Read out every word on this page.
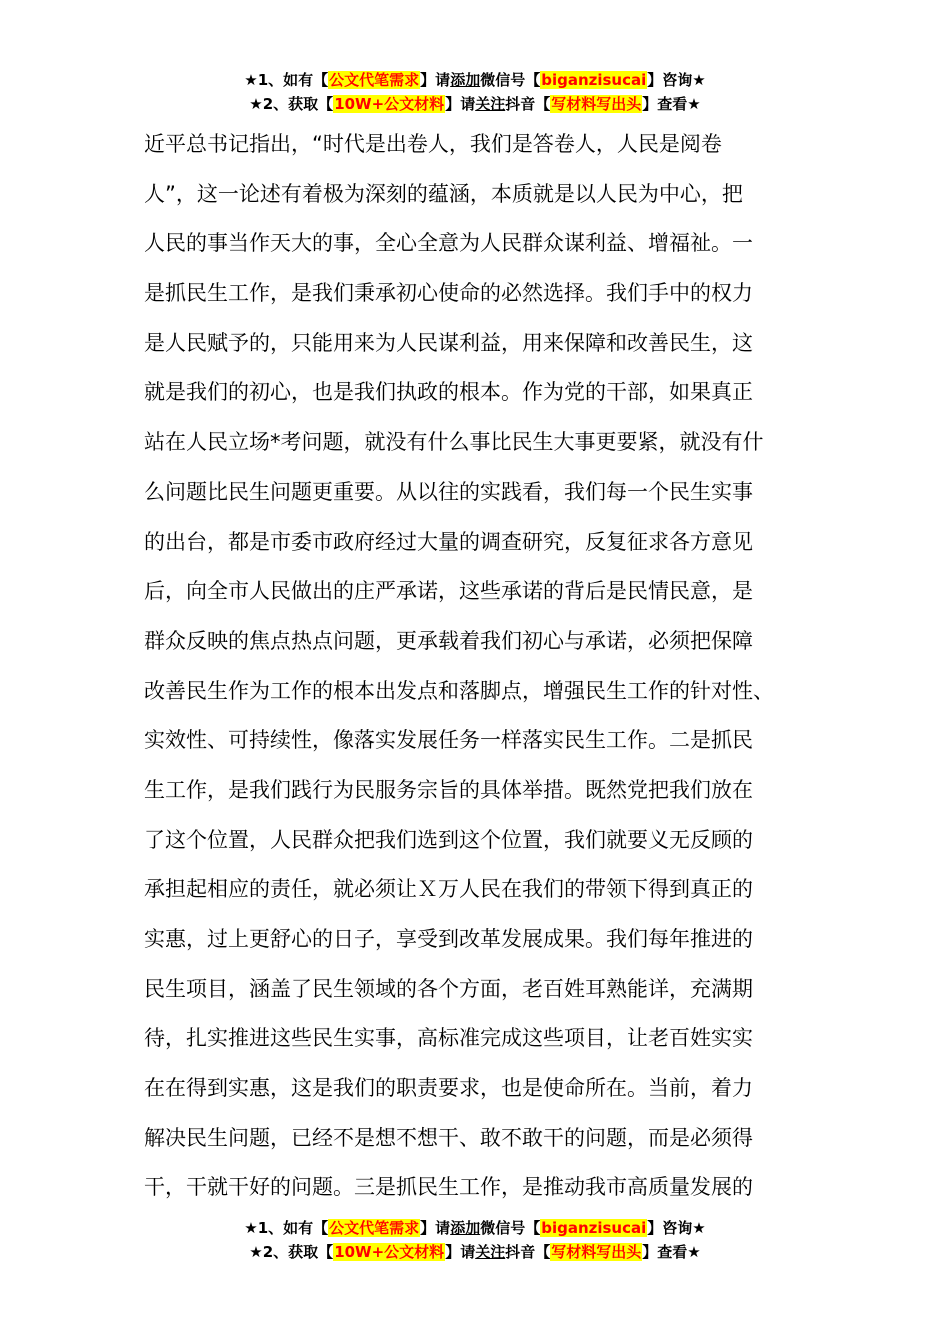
★1、如有【公文代笔需求】请添加微信号【biganzisucai】咨询★
★2、获取【10W+公文材料】请关注抖音【写材料写出头】查看★
近平总书记指出，“时代是出卷人，我们是答卷人，人民是阅卷
人”，这一论述有着极为深刻的蕴涵，本质就是以人民为中心，把
人民的事当作天大的事，全心全意为人民群众谋利益、增福祉。一
是抓民生工作，是我们秉承初心使命的必然选择。我们手中的权力
是人民赋予的，只能用来为人民谋利益，用来保障和改善民生，这
就是我们的初心，也是我们执政的根本。作为党的干部，如果真正
站在人民立场*考问题，就没有什么事比民生大事更要紧，就没有什
么问题比民生问题更重要。从以往的实践看，我们每一个民生实事
的出台，都是市委市政府经过大量的调查研究，反复征求各方意见
后，向全市人民做出的庄严承诺，这些承诺的背后是民情民意，是
群众反映的焦点热点问题，更承载着我们初心与承诺，必须把保障
改善民生作为工作的根本出发点和落脚点，增强民生工作的针对性、
实效性、可持续性，像落实发展任务一样落实民生工作。二是抓民
生工作，是我们践行为民服务宗旨的具体举措。既然党把我们放在
了这个位置，人民群众把我们选到这个位置，我们就要义无反顾的
承担起相应的责任，就必须让Ｘ万人民在我们的带领下得到真正的
实惠，过上更舒心的日子，享受到改革发展成果。我们每年推进的
民生项目，涵盖了民生领域的各个方面，老百姓耳熟能详，充满期
待，扎实推进这些民生实事，高标准完成这些项目，让老百姓实实
在在得到实惠，这是我们的职责要求，也是使命所在。当前，着力
解决民生问题，已经不是想不想干、敢不敢干的问题，而是必须得
干，干就干好的问题。三是抓民生工作，是推动我市高质量发展的
★1、如有【公文代笔需求】请添加微信号【biganzisucai】咨询★
★2、获取【10W+公文材料】请关注抖音【写材料写出头】查看★
